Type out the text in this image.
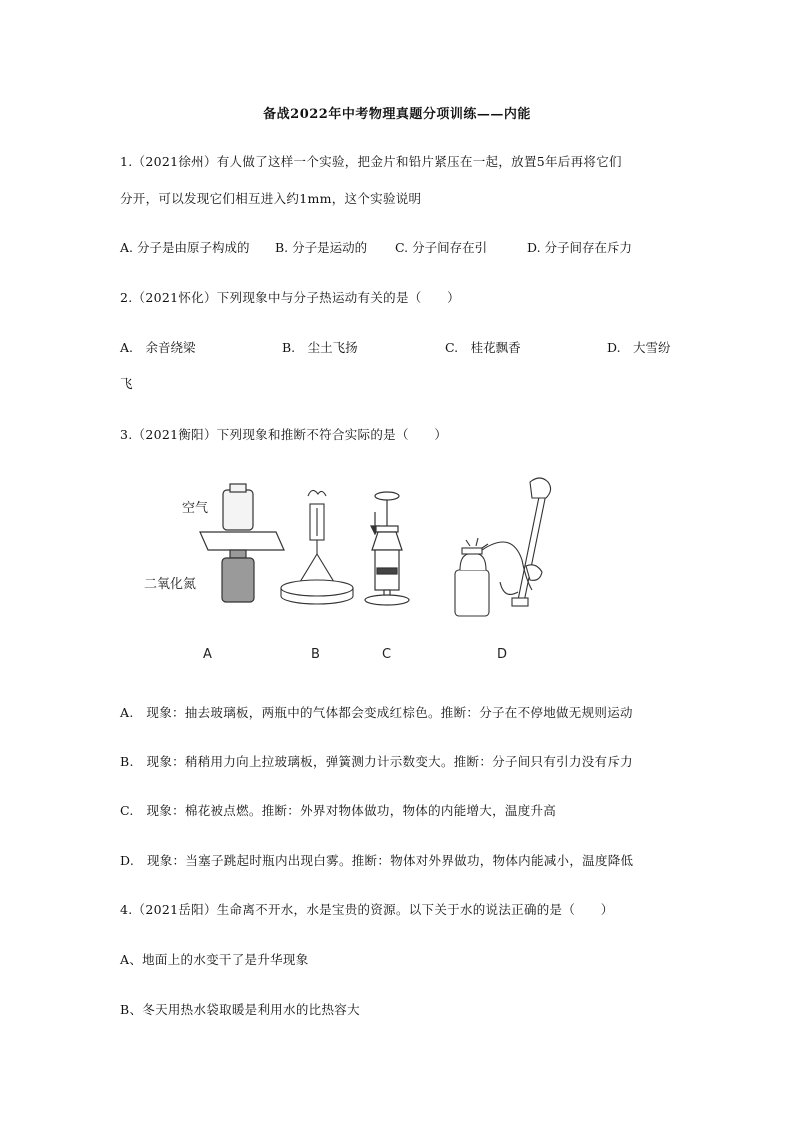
备战2022年中考物理真题分项训练——内能
1.（2021徐州）有人做了这样一个实验，把金片和铅片紧压在一起，放置5年后再将它们
分开，可以发现它们相互进入约1mm，这个实验说明
A. 分子是由原子构成的 B. 分子是运动的 C. 分子间存在引	D. 分子间存在斥力
2.（2021怀化）下列现象中与分子热运动有关的是（　　）
A.　余音绕梁	B.　尘土飞扬	C.　桂花飘香	D.　大雪纷
飞
3.（2021衡阳）下列现象和推断不符合实际的是（　　）
空气
二氧化氮
A	B	C	D
A.　现象：抽去玻璃板，两瓶中的气体都会变成红棕色。推断：分子在不停地做无规则运动
B.　现象：稍稍用力向上拉玻璃板，弹簧测力计示数变大。推断：分子间只有引力没有斥力
C.　现象：棉花被点燃。推断：外界对物体做功，物体的内能增大，温度升高
D.　现象：当塞子跳起时瓶内出现白雾。推断：物体对外界做功，物体内能减小，温度降低
4.（2021岳阳）生命离不开水，水是宝贵的资源。以下关于水的说法正确的是（　　）
A、地面上的水变干了是升华现象
B、冬天用热水袋取暖是利用水的比热容大
